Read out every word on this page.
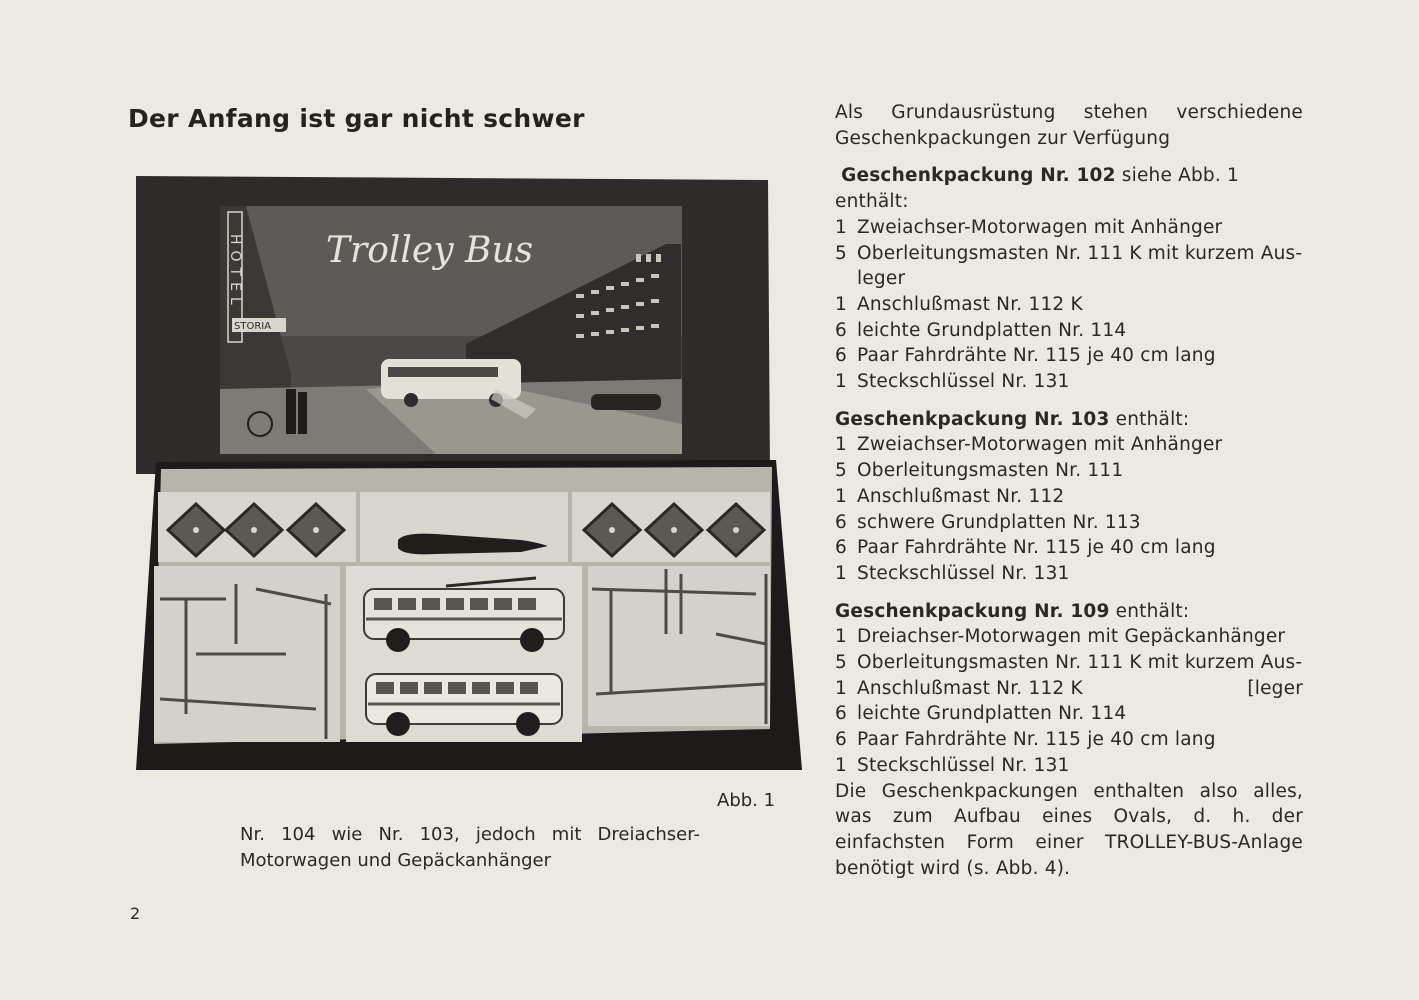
Der Anfang ist gar nicht schwer
HOTEL
STORIA
Trolley Bus
Abb. 1
Nr. 104 wie Nr. 103, jedoch mit Dreiachser-Motorwagen und Gepäckanhänger
2

Als Grundausrüstung stehen verschiedene Geschenkpackungen zur Verfügung

Geschenkpackung Nr. 102 siehe Abb. 1 enthält:

1 Zweiachser-Motorwagen mit Anhänger
5 Oberleitungsmasten Nr. 111 K mit kurzem Aus-
leger
1 Anschlußmast Nr. 112 K
6 leichte Grundplatten Nr. 114
6 Paar Fahrdrähte Nr. 115 je 40 cm lang
1 Steckschlüssel Nr. 131

Geschenkpackung Nr. 103 enthält:

1 Zweiachser-Motorwagen mit Anhänger
5 Oberleitungsmasten Nr. 111
1 Anschlußmast Nr. 112
6 schwere Grundplatten Nr. 113
6 Paar Fahrdrähte Nr. 115 je 40 cm lang
1 Steckschlüssel Nr. 131

Geschenkpackung Nr. 109 enthält:

1 Dreiachser-Motorwagen mit Gepäckanhänger
5 Oberleitungsmasten Nr. 111 K mit kurzem Aus-
1 Anschlußmast Nr. 112 K	[leger
6 leichte Grundplatten Nr. 114
6 Paar Fahrdrähte Nr. 115 je 40 cm lang
1 Steckschlüssel Nr. 131

Die Geschenkpackungen enthalten also alles, was zum Aufbau eines Ovals, d. h. der einfachsten Form einer TROLLEY-BUS-Anlage benötigt wird (s. Abb. 4).
